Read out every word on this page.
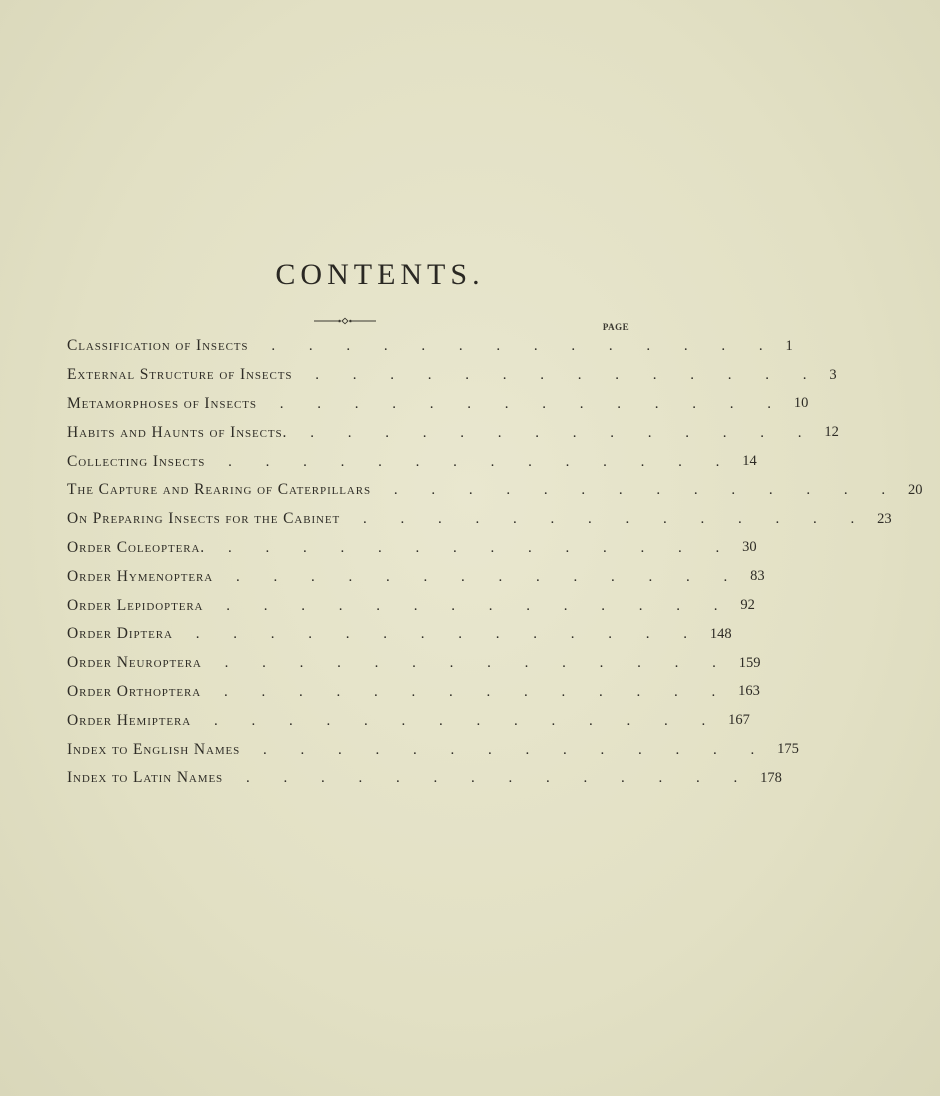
CONTENTS.
PAGE
Classification of Insects	..............	1
External Structure of Insects	..............	3
Metamorphoses of Insects	..............	10
Habits and Haunts of Insects.	..............	12
Collecting Insects	..............	14
The Capture and Rearing of Caterpillars	..............	20
On Preparing Insects for the Cabinet	..............	23
Order Coleoptera.	..............	30
Order Hymenoptera	..............	83
Order Lepidoptera	..............	92
Order Diptera	..............	148
Order Neuroptera	..............	159
Order Orthoptera	..............	163
Order Hemiptera	..............	167
Index to English Names	..............	175
Index to Latin Names	..............	178
